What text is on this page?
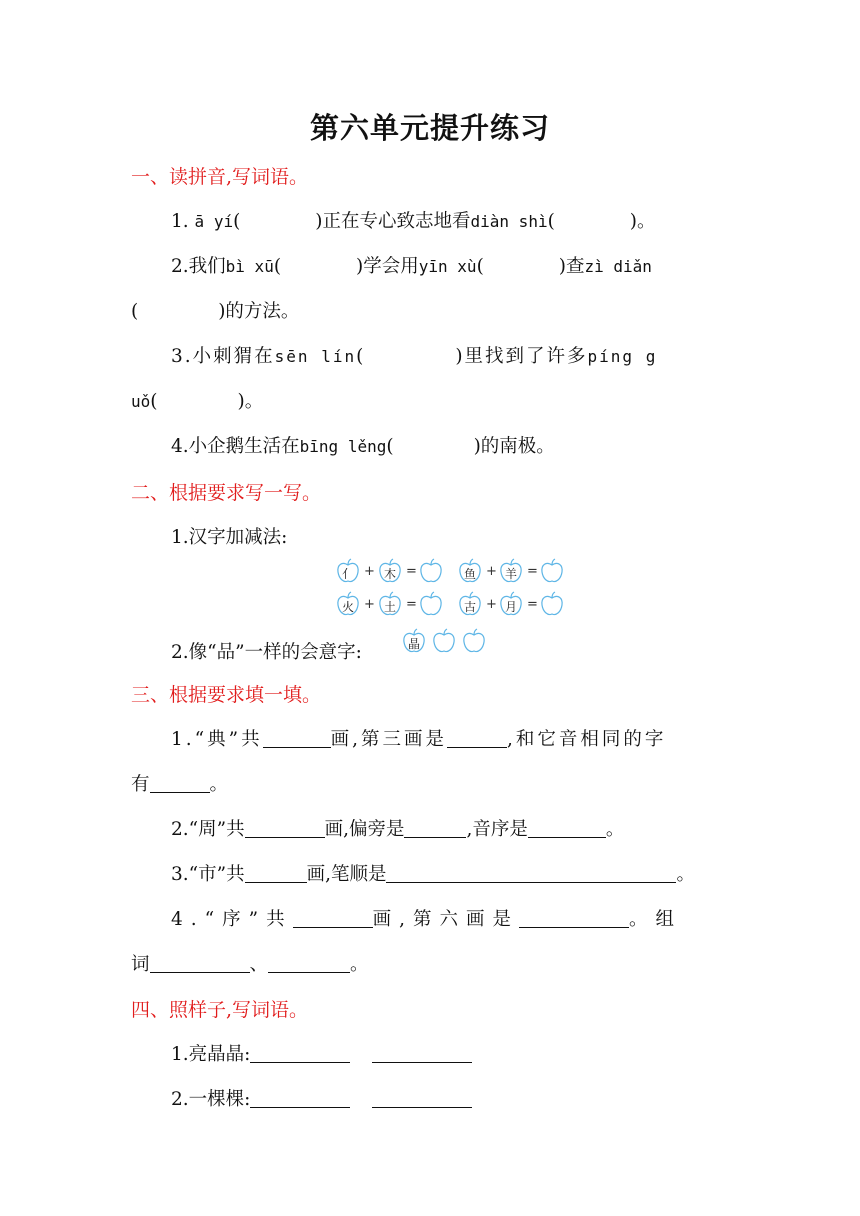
第六单元提升练习
一、读拼音,写词语。
1. ā yí(	)正在专心致志地看diàn shì(	)。
2.我们bì xū(	)学会用yīn xù(	)查zì diǎn
(	)的方法。
3.小刺猬在sēn lín(	)里找到了许多píng g
uǒ(	)。
4.小企鹅生活在bīng lěng(	)的南极。
二、根据要求写一写。
1.汉字加减法:
亻 + 木 =	鱼 + 羊 =
火 + 土 =	古 + 月 =
2.像“品”一样的会意字:	晶
三、根据要求填一填。
1.“典”共	画,第三画是	,和它音相同的字
有	。
2.“周”共	画,偏旁是	,音序是	。
3.“市”共	画,笔顺是	。
4.“序”共	画,第六画是	。组
词	、	。
四、照样子,写词语。
1.亮晶晶:
2.一棵棵:
